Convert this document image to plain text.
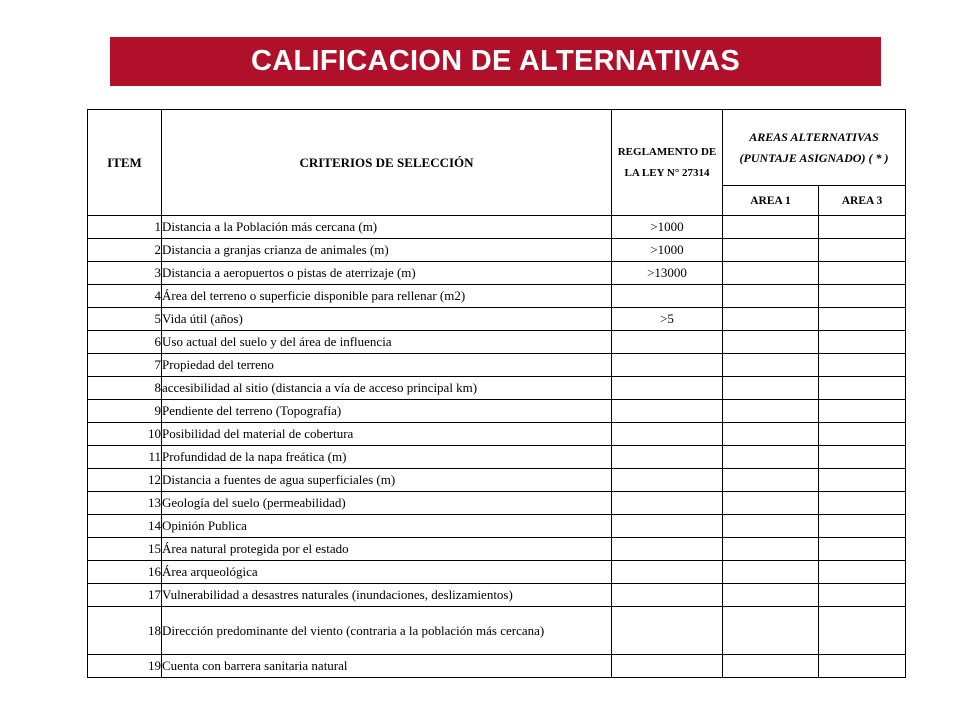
CALIFICACION DE ALTERNATIVAS
ITEM	CRITERIOS DE SELECCIÓN	REGLAMENTO DE LA LEY N° 27314	AREAS ALTERNATIVAS (PUNTAJE ASIGNADO) ( * )	
			AREA 1	AREA 3
1	Distancia a la Población más cercana (m)	>1000		
2	Distancia a granjas crianza de animales (m)	>1000		
3	Distancia a aeropuertos o pistas de aterrizaje (m)	>13000		
4	Área del terreno o superficie disponible para rellenar (m2)			
5	Vida útil (años)	>5		
6	Uso actual del suelo y del área de influencia			
7	Propiedad del terreno			
8	accesibilidad al sitio (distancia a vía de acceso principal km)			
9	Pendiente del terreno (Topografía)			
10	Posibilidad del material de cobertura			
11	Profundidad de la napa freática (m)			
12	Distancia a fuentes de agua superficiales (m)			
13	Geología del suelo (permeabilidad)			
14	Opinión Publica			
15	Área natural protegida por el estado			
16	Área arqueológica			
17	Vulnerabilidad a desastres naturales (inundaciones, deslizamientos)			
18	Dirección predominante del viento (contraria a la población más cercana)			
19	Cuenta con barrera sanitaria natural			
